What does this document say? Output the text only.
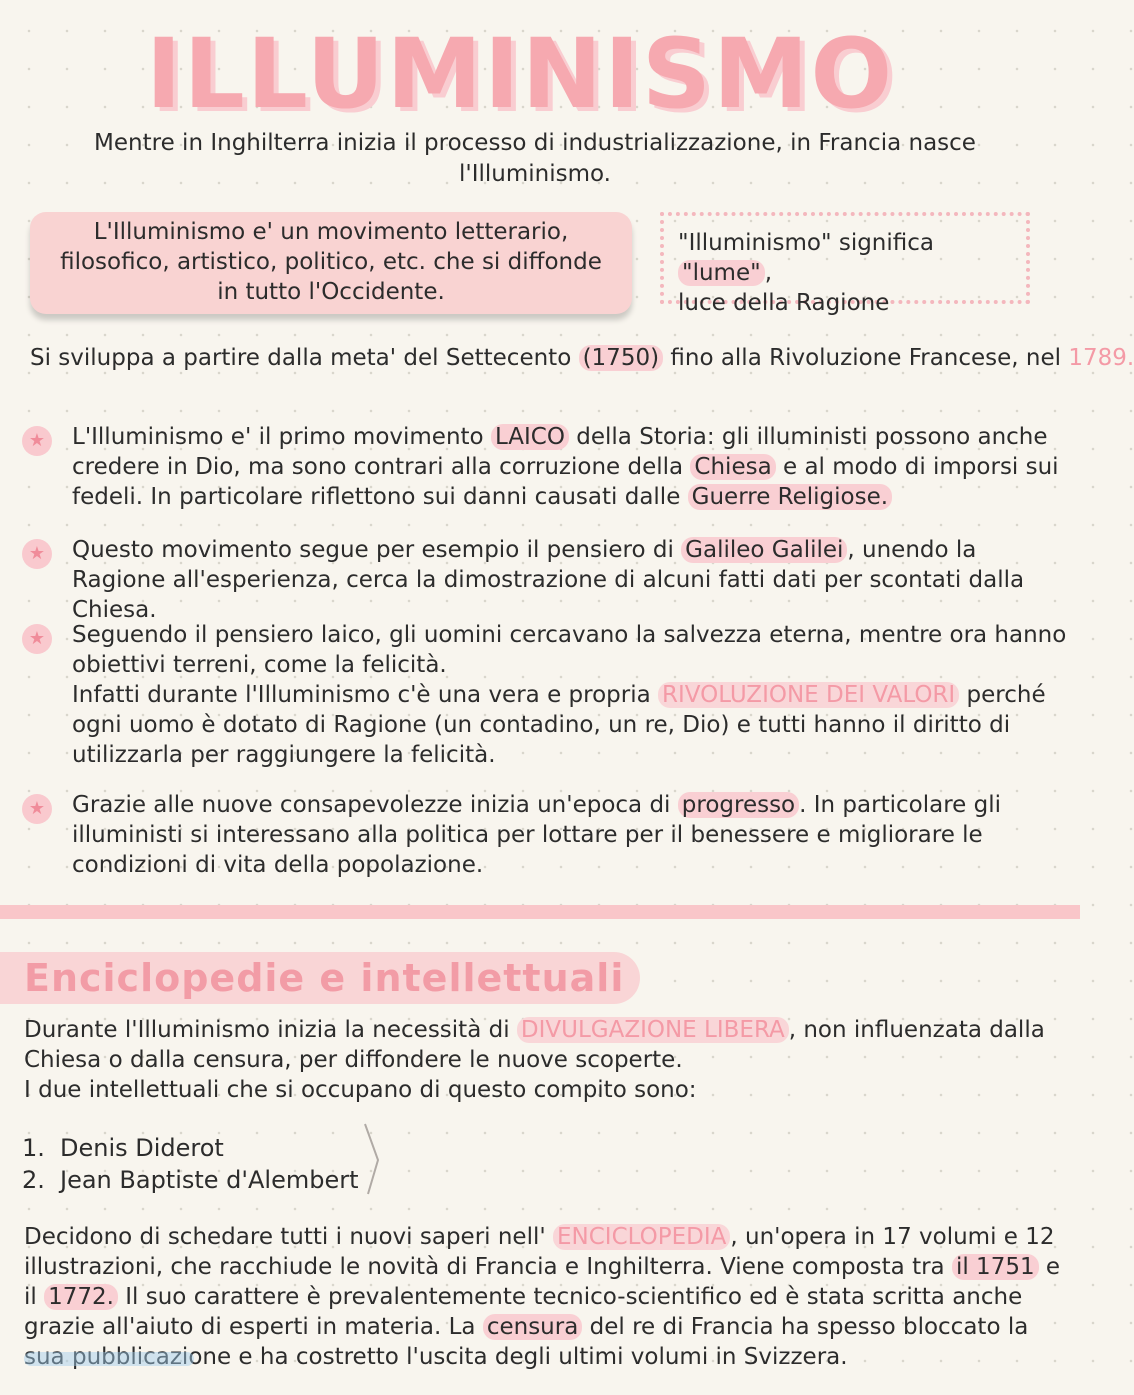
ILLUMINISMO
Mentre in Inghilterra inizia il processo di industrializzazione, in Francia nasce l'Illuminismo.
L'Illuminismo e' un movimento letterario, filosofico, artistico, politico, etc. che si diffonde in tutto l'Occidente.
"Illuminismo" significa "lume" ,
luce della Ragione
Si sviluppa a partire dalla meta' del Settecento (1750) fino alla Rivoluzione Francese, nel 1789.
★	L'Illuminismo e' il primo movimento LAICO della Storia: gli illuministi possono anche credere in Dio, ma sono contrari alla corruzione della Chiesa e al modo di imporsi sui fedeli. In particolare riflettono sui danni causati dalle Guerre Religiose.
★	Questo movimento segue per esempio il pensiero di Galileo Galilei , unendo la Ragione all'esperienza, cerca la dimostrazione di alcuni fatti dati per scontati dalla Chiesa.
★	Seguendo il pensiero laico, gli uomini cercavano la salvezza eterna, mentre ora hanno obiettivi terreni, come la felicità.
Infatti durante l'Illuminismo c'è una vera e propria RIVOLUZIONE DEI VALORI perché ogni uomo è dotato di Ragione (un contadino, un re, Dio) e tutti hanno il diritto di utilizzarla per raggiungere la felicità.
★	Grazie alle nuove consapevolezze inizia un'epoca di progresso . In particolare gli illuministi si interessano alla politica per lottare per il benessere e migliorare le condizioni di vita della popolazione.
Enciclopedie e intellettuali
Durante l'Illuminismo inizia la necessità di DIVULGAZIONE LIBERA , non influenzata dalla Chiesa o dalla censura, per diffondere le nuove scoperte.
I due intellettuali che si occupano di questo compito sono:
1. Denis Diderot
2. Jean Baptiste d'Alembert
Decidono di schedare tutti i nuovi saperi nell' ENCICLOPEDIA , un'opera in 17 volumi e 12 illustrazioni, che racchiude le novità di Francia e Inghilterra. Viene composta tra il 1751 e il 1772. Il suo carattere è prevalentemente tecnico-scientifico ed è stata scritta anche grazie all'aiuto di esperti in materia. La censura del re di Francia ha spesso bloccato la sua pubblicazione e ha costretto l'uscita degli ultimi volumi in Svizzera.
